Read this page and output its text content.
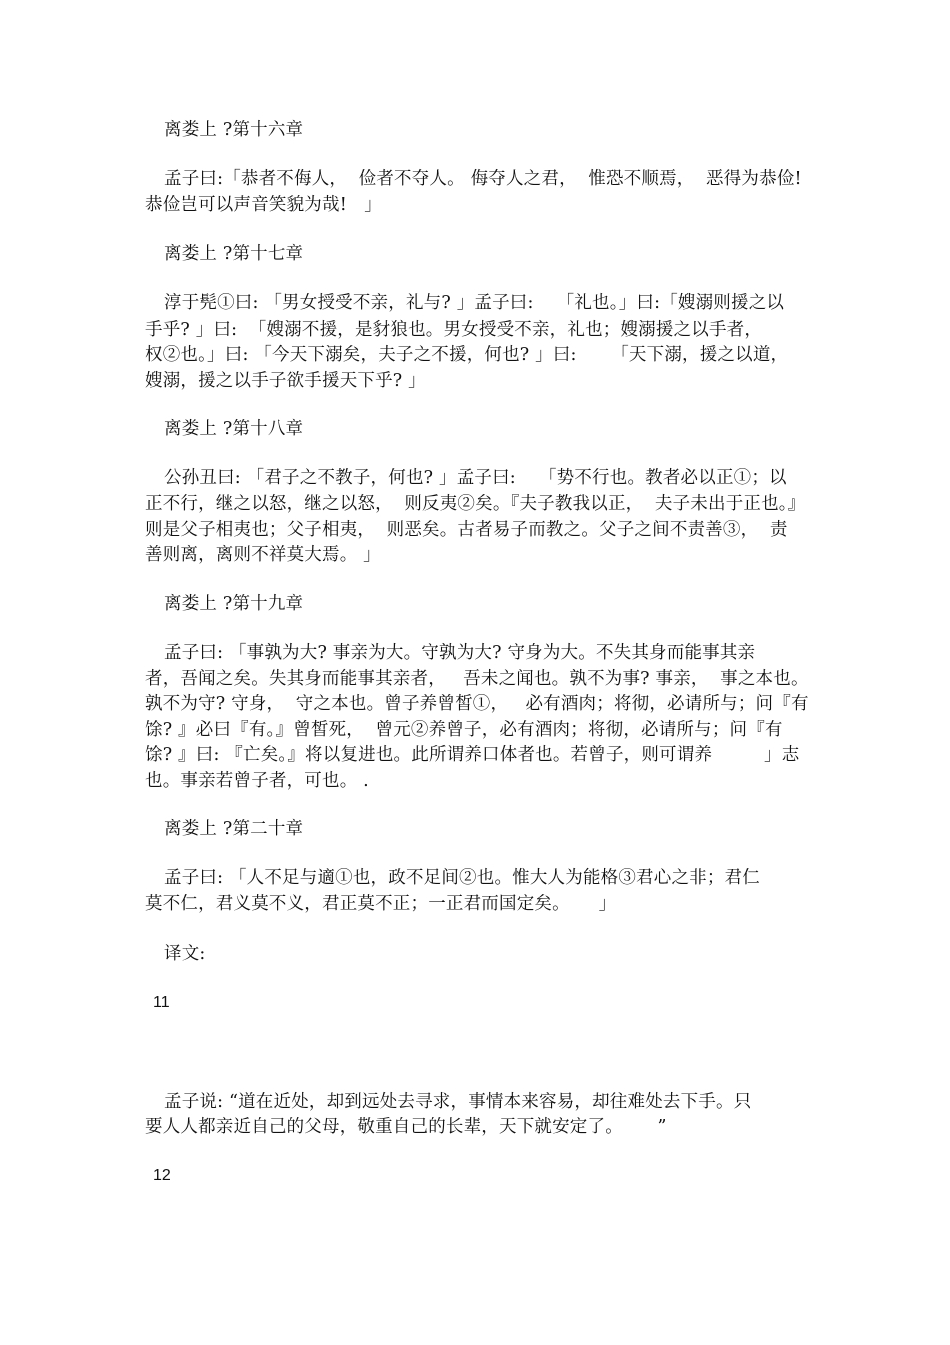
离娄上 ?第十六章
孟子曰:「恭者不侮人，  俭者不夺人。 侮夺人之君，  惟恐不顺焉，  恶得为恭俭!
恭俭岂可以声音笑貌为哉!   」
离娄上 ?第十七章
淳于髡①曰: 「男女授受不亲，礼与? 」孟子曰:    「礼也。」曰:「嫂溺则援之以
手乎? 」曰:  「嫂溺不援，是豺狼也。男女授受不亲，礼也；嫂溺援之以手者，
权②也。」曰: 「今天下溺矣，夫子之不援，何也? 」曰:      「天下溺，援之以道，
嫂溺，援之以手子欲手援天下乎? 」
离娄上 ?第十八章
公孙丑曰: 「君子之不教子，何也? 」孟子曰:    「势不行也。教者必以正①；以
正不行，继之以怒，继之以怒，  则反夷②矣。『夫子教我以正，  夫子未出于正也。』
则是父子相夷也；父子相夷，  则恶矣。古者易子而教之。父子之间不责善③，  责
善则离，离则不祥莫大焉。 」
离娄上 ?第十九章
孟子曰: 「事孰为大? 事亲为大。守孰为大? 守身为大。不失其身而能事其亲
者，吾闻之矣。失其身而能事其亲者，   吾未之闻也。孰不为事? 事亲，  事之本也。
孰不为守? 守身，  守之本也。曾子养曾皙①，   必有酒肉；将彻，必请所与；问『有
馀? 』必曰『有。』曾皙死，  曾元②养曾子，必有酒肉；将彻，必请所与；问『有
馀? 』曰: 『亡矣。』将以复进也。此所谓养口体者也。若曾子，则可谓养         」志
也。事亲若曾子者，可也。 .
离娄上 ?第二十章
孟子曰: 「人不足与適①也，政不足间②也。惟大人为能格③君心之非；君仁
莫不仁，君义莫不义，君正莫不正；一正君而国定矣。     」
译文:
11
孟子说: “道在近处，却到远处去寻求，事情本来容易，却往难处去下手。只
要人人都亲近自己的父母，敬重自己的长辈，天下就安定了。      ”
12
